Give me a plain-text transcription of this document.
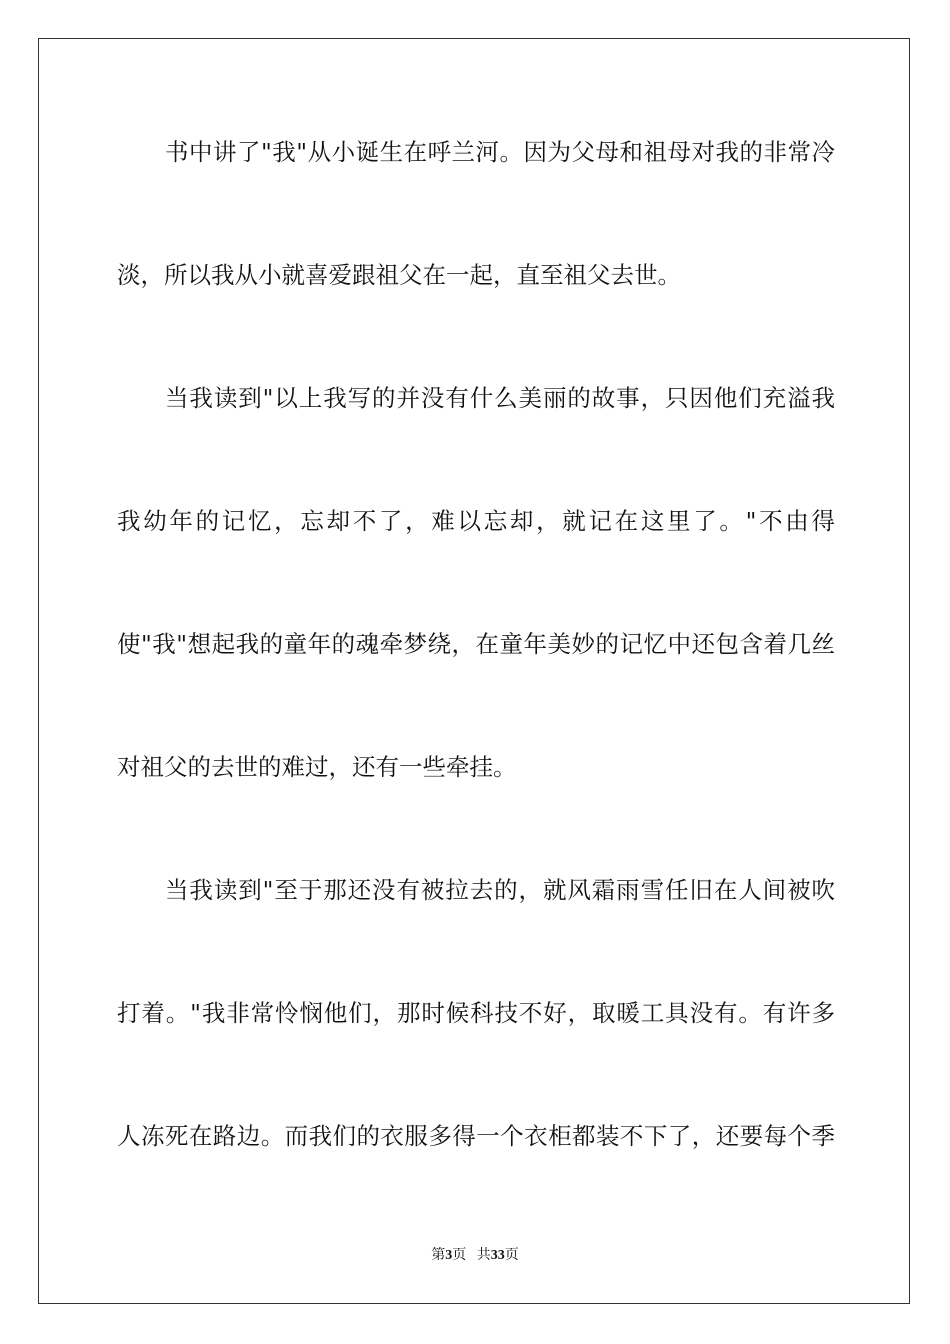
书中讲了"我"从小诞生在呼兰河。因为父母和祖母对我的非常冷
淡，所以我从小就喜爱跟祖父在一起，直至祖父去世。
当我读到"以上我写的并没有什么美丽的故事，只因他们充溢我
我幼年的记忆，忘却不了，难以忘却，就记在这里了。"不由得
使"我"想起我的童年的魂牵梦绕，在童年美妙的记忆中还包含着几丝
对祖父的去世的难过，还有一些牵挂。
当我读到"至于那还没有被拉去的，就风霜雨雪任旧在人间被吹
打着。"我非常怜悯他们，那时候科技不好，取暖工具没有。有许多
人冻死在路边。而我们的衣服多得一个衣柜都装不下了，还要每个季
第3页 共33页
